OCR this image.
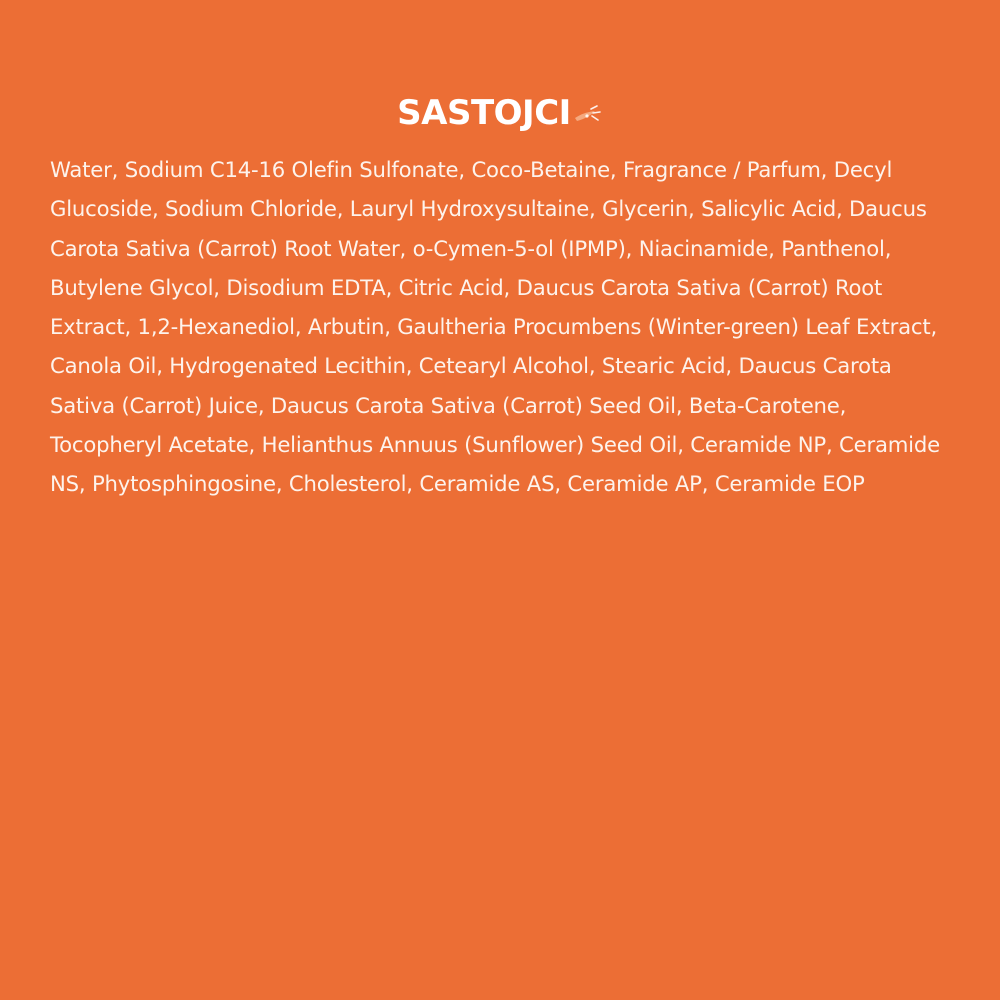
SASTOJCI

Water, Sodium C14-16 Olefin Sulfonate, Coco-Betaine, Fragrance / Parfum, Decyl Glucoside, Sodium Chloride, Lauryl Hydroxysultaine, Glycerin, Salicylic Acid, Daucus Carota Sativa (Carrot) Root Water, o-Cymen-5-ol (IPMP), Niacinamide, Panthenol, Butylene Glycol, Disodium EDTA, Citric Acid, Daucus Carota Sativa (Carrot) Root Extract, 1,2-Hexanediol, Arbutin, Gaultheria Procumbens (Winter-green) Leaf Extract, Canola Oil, Hydrogenated Lecithin, Cetearyl Alcohol, Stearic Acid, Daucus Carota Sativa (Carrot) Juice, Daucus Carota Sativa (Carrot) Seed Oil, Beta-Carotene, Tocopheryl Acetate, Helianthus Annuus (Sunflower) Seed Oil, Ceramide NP, Ceramide NS, Phytosphingosine, Cholesterol, Ceramide AS, Ceramide AP, Ceramide EOP
